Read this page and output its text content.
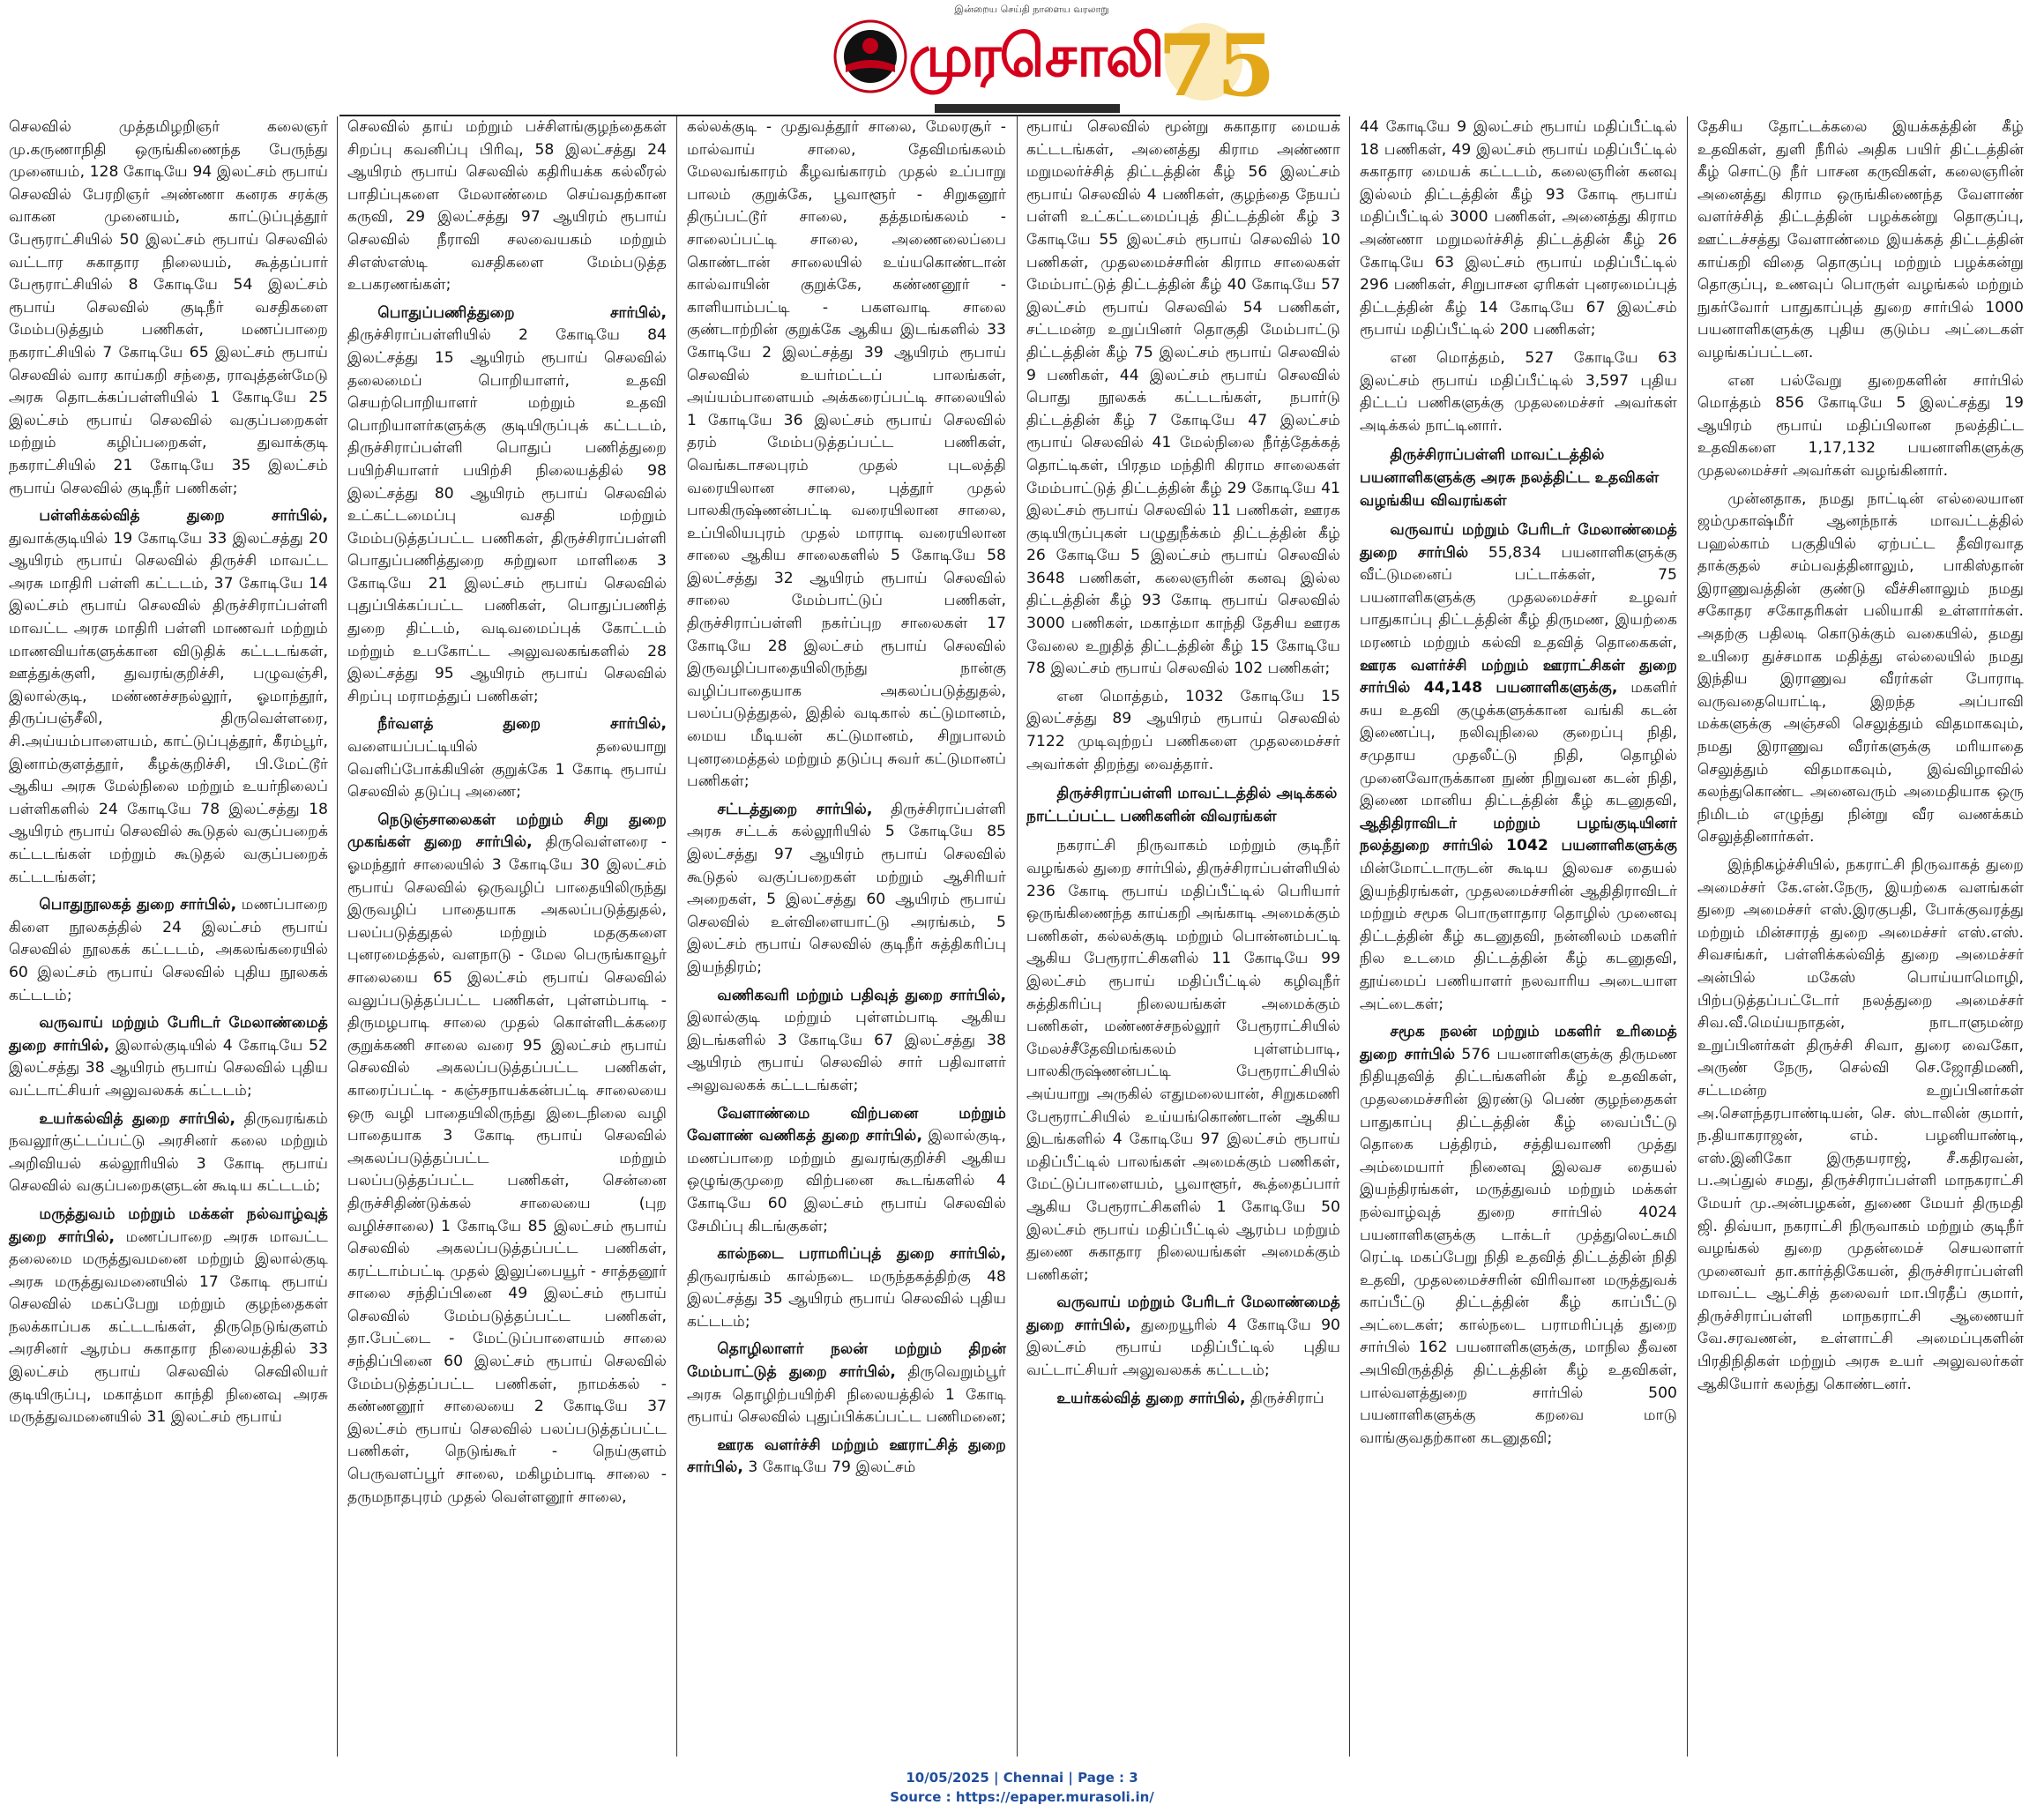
இன்றைய செய்தி நாளைய வரலாறு
முரசொலி
75

செலவில் முத்தமிழறிஞர் கலைஞர் மு.கருணாநிதி ஒருங்கிணைந்த பேருந்து முனையம், 128 கோடியே 94 இலட்சம் ரூபாய் செலவில் பேரறிஞர் அண்ணா கனரக சரக்கு வாகன முனையம், காட்டுப்புத்தூர் பேரூராட்சியில் 50 இலட்சம் ரூபாய் செலவில் வட்டார சுகாதார நிலையம், கூத்தப்பார் பேரூராட்சியில் 8 கோடியே 54 இலட்சம் ரூபாய் செலவில் குடிநீர் வசதிகளை மேம்படுத்தும் பணிகள், மணப்பாறை நகராட்சியில் 7 கோடியே 65 இலட்சம் ரூபாய் செலவில் வார காய்கறி சந்தை, ராவுத்தன்மேடு அரசு தொடக்கப்பள்ளியில் 1 கோடியே 25 இலட்சம் ரூபாய் செலவில் வகுப்பறைகள் மற்றும் கழிப்பறைகள், துவாக்குடி நகராட்சியில் 21 கோடியே 35 இலட்சம் ரூபாய் செலவில் குடிநீர் பணிகள்;

பள்ளிக்கல்வித் துறை சார்பில், துவாக்குடியில் 19 கோடியே 33 இலட்சத்து 20 ஆயிரம் ரூபாய் செலவில் திருச்சி மாவட்ட அரசு மாதிரி பள்ளி கட்டடம், 37 கோடியே 14 இலட்சம் ரூபாய் செலவில் திருச்சிராப்பள்ளி மாவட்ட அரசு மாதிரி பள்ளி மாணவர் மற்றும் மாணவியர்களுக்கான விடுதிக் கட்டடங்கள், ஊத்துக்குளி, துவரங்குறிச்சி, பழுவஞ்சி, இலால்குடி, மண்ணச்சநல்லூர், ஓமாந்தூர், திருப்பஞ்சீலி, திருவெள்ளரை, சி.அய்யம்பாளையம், காட்டுப்புத்தூர், கீரம்பூர், இனாம்குளத்தூர், கீழக்குறிச்சி, பி.மேட்டூர் ஆகிய அரசு மேல்நிலை மற்றும் உயர்நிலைப் பள்ளிகளில் 24 கோடியே 78 இலட்சத்து 18 ஆயிரம் ரூபாய் செலவில் கூடுதல் வகுப்பறைக் கட்டடங்கள் மற்றும் கூடுதல் வகுப்பறைக் கட்டடங்கள்;

பொதுநூலகத் துறை சார்பில், மணப்பாறை கிளை நூலகத்தில் 24 இலட்சம் ரூபாய் செலவில் நூலகக் கட்டடம், அகலங்கரையில் 60 இலட்சம் ரூபாய் செலவில் புதிய நூலகக் கட்டடம்;

வருவாய் மற்றும் பேரிடர் மேலாண்மைத் துறை சார்பில், இலால்குடியில் 4 கோடியே 52 இலட்சத்து 38 ஆயிரம் ரூபாய் செலவில் புதிய வட்டாட்சியர் அலுவலகக் கட்டடம்;

உயர்கல்வித் துறை சார்பில், திருவரங்கம் நவலூர்குட்டப்பட்டு அரசினர் கலை மற்றும் அறிவியல் கல்லூரியில் 3 கோடி ரூபாய் செலவில் வகுப்பறைகளுடன் கூடிய கட்டடம்;

மருத்துவம் மற்றும் மக்கள் நல்வாழ்வுத் துறை சார்பில், மணப்பாறை அரசு மாவட்ட தலைமை மருத்துவமனை மற்றும் இலால்குடி அரசு மருத்துவமனையில் 17 கோடி ரூபாய் செலவில் மகப்பேறு மற்றும் குழந்தைகள் நலக்காப்பக கட்டடங்கள், திருநெடுங்குளம் அரசினர் ஆரம்ப சுகாதார நிலையத்தில் 33 இலட்சம் ரூபாய் செலவில் செவிலியர் குடியிருப்பு, மகாத்மா காந்தி நினைவு அரசு மருத்துவமனையில் 31 இலட்சம் ரூபாய்

செலவில் தாய் மற்றும் பச்சிளங்குழந்தைகள் சிறப்பு கவனிப்பு பிரிவு, 58 இலட்சத்து 24 ஆயிரம் ரூபாய் செலவில் கதிரியக்க கல்லீரல் பாதிப்புகளை மேலாண்மை செய்வதற்கான கருவி, 29 இலட்சத்து 97 ஆயிரம் ரூபாய் செலவில் நீராவி சலவையகம் மற்றும் சிஎஸ்எஸ்டி வசதிகளை மேம்படுத்த உபகரணங்கள்;

பொதுப்பணித்துறை சார்பில், திருச்சிராப்பள்ளியில் 2 கோடியே 84 இலட்சத்து 15 ஆயிரம் ரூபாய் செலவில் தலைமைப் பொறியாளர், உதவி செயற்பொறியாளர் மற்றும் உதவி பொறியாளர்களுக்கு குடியிருப்புக் கட்டடம், திருச்சிராப்பள்ளி பொதுப் பணித்துறை பயிற்சியாளர் பயிற்சி நிலையத்தில் 98 இலட்சத்து 80 ஆயிரம் ரூபாய் செலவில் உட்கட்டமைப்பு வசதி மற்றும் மேம்படுத்தப்பட்ட பணிகள், திருச்சிராப்பள்ளி பொதுப்பணித்துறை சுற்றுலா மாளிகை 3 கோடியே 21 இலட்சம் ரூபாய் செலவில் புதுப்பிக்கப்பட்ட பணிகள், பொதுப்பணித் துறை திட்டம், வடிவமைப்புக் கோட்டம் மற்றும் உபகோட்ட அலுவலகங்களில் 28 இலட்சத்து 95 ஆயிரம் ரூபாய் செலவில் சிறப்பு மராமத்துப் பணிகள்;

நீர்வளத் துறை சார்பில், வளையப்பட்டியில் தலையாறு வெளிப்போக்கியின் குறுக்கே 1 கோடி ரூபாய் செலவில் தடுப்பு அணை;

நெடுஞ்சாலைகள் மற்றும் சிறு துறை முகங்கள் துறை சார்பில், திருவெள்ளரை - ஓமந்தூர் சாலையில் 3 கோடியே 30 இலட்சம் ரூபாய் செலவில் ஒருவழிப் பாதையிலிருந்து இருவழிப் பாதையாக அகலப்படுத்துதல், பலப்படுத்துதல் மற்றும் மதகுகளை புனரமைத்தல், வளநாடு - மேல பெருங்காவூர் சாலையை 65 இலட்சம் ரூபாய் செலவில் வலுப்படுத்தப்பட்ட பணிகள், புள்ளம்பாடி - திருமழபாடி சாலை முதல் கொள்ளிடக்கரை குறுக்கணி சாலை வரை 95 இலட்சம் ரூபாய் செலவில் அகலப்படுத்தப்பட்ட பணிகள், காரைப்பட்டி - கஞ்சநாயக்கன்பட்டி சாலையை ஒரு வழி பாதையிலிருந்து இடைநிலை வழி பாதையாக 3 கோடி ரூபாய் செலவில் அகலப்படுத்தப்பட்ட மற்றும் பலப்படுத்தப்பட்ட பணிகள், சென்னை திருச்சிதிண்டுக்கல் சாலையை (புற வழிச்சாலை) 1 கோடியே 85 இலட்சம் ரூபாய் செலவில் அகலப்படுத்தப்பட்ட பணிகள், கரட்டாம்பட்டி முதல் இலுப்பையூர் - சாத்தனூர் சாலை சந்திப்பினை 49 இலட்சம் ரூபாய் செலவில் மேம்படுத்தப்பட்ட பணிகள், தா.பேட்டை - மேட்டுப்பாளையம் சாலை சந்திப்பினை 60 இலட்சம் ரூபாய் செலவில் மேம்படுத்தப்பட்ட பணிகள், நாமக்கல் - கண்ணனூர் சாலையை 2 கோடியே 37 இலட்சம் ரூபாய் செலவில் பலப்படுத்தப்பட்ட பணிகள், நெடுங்கூர் - நெய்குளம் பெருவளப்பூர் சாலை, மகிழம்பாடி சாலை - தருமநாதபுரம் முதல் வெள்ளனூர் சாலை,

கல்லக்குடி - முதுவத்தூர் சாலை, மேலரசூர் - மால்வாய் சாலை, தேவிமங்கலம் மேலவங்காரம் கீழவங்காரம் முதல் உப்பாறு பாலம் குறுக்கே, பூவாளூர் - சிறுகனூர் திருப்பட்டூர் சாலை, தத்தமங்கலம் - சாலைப்பட்டி சாலை, அணைலைப்பை கொண்டான் சாலையில் உய்யகொண்டான் கால்வாயின் குறுக்கே, கண்ணனூர் - காளியாம்பட்டி - பகளவாடி சாலை குண்டாற்றின் குறுக்கே ஆகிய இடங்களில் 33 கோடியே 2 இலட்சத்து 39 ஆயிரம் ரூபாய் செலவில் உயர்மட்டப் பாலங்கள், அய்யம்பாளையம் அக்கரைப்பட்டி சாலையில் 1 கோடியே 36 இலட்சம் ரூபாய் செலவில் தரம் மேம்படுத்தப்பட்ட பணிகள், வெங்கடாசலபுரம் முதல் புடலத்தி வரையிலான சாலை, புத்தூர் முதல் பாலகிருஷ்ணன்பட்டி வரையிலான சாலை, உப்பிலியபுரம் முதல் மாராடி வரையிலான சாலை ஆகிய சாலைகளில் 5 கோடியே 58 இலட்சத்து 32 ஆயிரம் ரூபாய் செலவில் சாலை மேம்பாட்டுப் பணிகள், திருச்சிராப்பள்ளி நகர்ப்புற சாலைகள் 17 கோடியே 28 இலட்சம் ரூபாய் செலவில் இருவழிப்பாதையிலிருந்து நான்கு வழிப்பாதையாக அகலப்படுத்துதல், பலப்படுத்துதல், இதில் வடிகால் கட்டுமானம், மைய மீடியன் கட்டுமானம், சிறுபாலம் புனரமைத்தல் மற்றும் தடுப்பு சுவர் கட்டுமானப் பணிகள்;

சட்டத்துறை சார்பில், திருச்சிராப்பள்ளி அரசு சட்டக் கல்லூரியில் 5 கோடியே 85 இலட்சத்து 97 ஆயிரம் ரூபாய் செலவில் கூடுதல் வகுப்பறைகள் மற்றும் ஆசிரியர் அறைகள், 5 இலட்சத்து 60 ஆயிரம் ரூபாய் செலவில் உள்விளையாட்டு அரங்கம், 5 இலட்சம் ரூபாய் செலவில் குடிநீர் சுத்திகரிப்பு இயந்திரம்;

வணிகவரி மற்றும் பதிவுத் துறை சார்பில், இலால்குடி மற்றும் புள்ளம்பாடி ஆகிய இடங்களில் 3 கோடியே 67 இலட்சத்து 38 ஆயிரம் ரூபாய் செலவில் சார் பதிவாளர் அலுவலகக் கட்டடங்கள்;

வேளாண்மை விற்பனை மற்றும் வேளாண் வணிகத் துறை சார்பில், இலால்குடி, மணப்பாறை மற்றும் துவரங்குறிச்சி ஆகிய ஒழுங்குமுறை விற்பனை கூடங்களில் 4 கோடியே 60 இலட்சம் ரூபாய் செலவில் சேமிப்பு கிடங்குகள்;

கால்நடை பராமரிப்புத் துறை சார்பில், திருவரங்கம் கால்நடை மருந்தகத்திற்கு 48 இலட்சத்து 35 ஆயிரம் ரூபாய் செலவில் புதிய கட்டடம்;

தொழிலாளர் நலன் மற்றும் திறன் மேம்பாட்டுத் துறை சார்பில், திருவெறும்பூர் அரசு தொழிற்பயிற்சி நிலையத்தில் 1 கோடி ரூபாய் செலவில் புதுப்பிக்கப்பட்ட பணிமனை;

ஊரக வளர்ச்சி மற்றும் ஊராட்சித் துறை சார்பில், 3 கோடியே 79 இலட்சம்

ரூபாய் செலவில் மூன்று சுகாதார மையக் கட்டடங்கள், அனைத்து கிராம அண்ணா மறுமலர்ச்சித் திட்டத்தின் கீழ் 56 இலட்சம் ரூபாய் செலவில் 4 பணிகள், குழந்தை நேயப் பள்ளி உட்கட்டமைப்புத் திட்டத்தின் கீழ் 3 கோடியே 55 இலட்சம் ரூபாய் செலவில் 10 பணிகள், முதலமைச்சரின் கிராம சாலைகள் மேம்பாட்டுத் திட்டத்தின் கீழ் 40 கோடியே 57 இலட்சம் ரூபாய் செலவில் 54 பணிகள், சட்டமன்ற உறுப்பினர் தொகுதி மேம்பாட்டு திட்டத்தின் கீழ் 75 இலட்சம் ரூபாய் செலவில் 9 பணிகள், 44 இலட்சம் ரூபாய் செலவில் பொது நூலகக் கட்டடங்கள், நபார்டு திட்டத்தின் கீழ் 7 கோடியே 47 இலட்சம் ரூபாய் செலவில் 41 மேல்நிலை நீர்த்தேக்கத் தொட்டிகள், பிரதம மந்திரி கிராம சாலைகள் மேம்பாட்டுத் திட்டத்தின் கீழ் 29 கோடியே 41 இலட்சம் ரூபாய் செலவில் 11 பணிகள், ஊரக குடியிருப்புகள் பழுதுநீக்கம் திட்டத்தின் கீழ் 26 கோடியே 5 இலட்சம் ரூபாய் செலவில் 3648 பணிகள், கலைஞரின் கனவு இல்ல திட்டத்தின் கீழ் 93 கோடி ரூபாய் செலவில் 3000 பணிகள், மகாத்மா காந்தி தேசிய ஊரக வேலை உறுதித் திட்டத்தின் கீழ் 15 கோடியே 78 இலட்சம் ரூபாய் செலவில் 102 பணிகள்;

என மொத்தம், 1032 கோடியே 15 இலட்சத்து 89 ஆயிரம் ரூபாய் செலவில் 7122 முடிவுற்றப் பணிகளை முதலமைச்சர் அவர்கள் திறந்து வைத்தார்.

திருச்சிராப்பள்ளி மாவட்டத்தில் அடிக்கல் நாட்டப்பட்ட பணிகளின் விவரங்கள்

நகராட்சி நிருவாகம் மற்றும் குடிநீர் வழங்கல் துறை சார்பில், திருச்சிராப்பள்ளியில் 236 கோடி ரூபாய் மதிப்பீட்டில் பெரியார் ஒருங்கிணைந்த காய்கறி அங்காடி அமைக்கும் பணிகள், கல்லக்குடி மற்றும் பொன்னம்பட்டி ஆகிய பேரூராட்சிகளில் 11 கோடியே 99 இலட்சம் ரூபாய் மதிப்பீட்டில் கழிவுநீர் சுத்திகரிப்பு நிலையங்கள் அமைக்கும் பணிகள், மண்ணச்சநல்லூர் பேரூராட்சியில் மேலச்சீதேவிமங்கலம் புள்ளம்பாடி, பாலகிருஷ்ணன்பட்டி பேரூராட்சியில் அய்யாறு அருகில் எதுமலையான், சிறுகமணி பேரூராட்சியில் உய்யங்கொண்டான் ஆகிய இடங்களில் 4 கோடியே 97 இலட்சம் ரூபாய் மதிப்பீட்டில் பாலங்கள் அமைக்கும் பணிகள், மேட்டுப்பாளையம், பூவாளூர், கூத்தைப்பார் ஆகிய பேரூராட்சிகளில் 1 கோடியே 50 இலட்சம் ரூபாய் மதிப்பீட்டில் ஆரம்ப மற்றும் துணை சுகாதார நிலையங்கள் அமைக்கும் பணிகள்;

வருவாய் மற்றும் பேரிடர் மேலாண்மைத் துறை சார்பில், துறையூரில் 4 கோடியே 90 இலட்சம் ரூபாய் மதிப்பீட்டில் புதிய வட்டாட்சியர் அலுவலகக் கட்டடம்;

உயர்கல்வித் துறை சார்பில், திருச்சிராப்

44 கோடியே 9 இலட்சம் ரூபாய் மதிப்பீட்டில் 18 பணிகள், 49 இலட்சம் ரூபாய் மதிப்பீட்டில் சுகாதார மையக் கட்டடம், கலைஞரின் கனவு இல்லம் திட்டத்தின் கீழ் 93 கோடி ரூபாய் மதிப்பீட்டில் 3000 பணிகள், அனைத்து கிராம அண்ணா மறுமலர்ச்சித் திட்டத்தின் கீழ் 26 கோடியே 63 இலட்சம் ரூபாய் மதிப்பீட்டில் 296 பணிகள், சிறுபாசன ஏரிகள் புனரமைப்புத் திட்டத்தின் கீழ் 14 கோடியே 67 இலட்சம் ரூபாய் மதிப்பீட்டில் 200 பணிகள்;

என மொத்தம், 527 கோடியே 63 இலட்சம் ரூபாய் மதிப்பீட்டில் 3,597 புதிய திட்டப் பணிகளுக்கு முதலமைச்சர் அவர்கள் அடிக்கல் நாட்டினார்.

திருச்சிராப்பள்ளி மாவட்டத்தில் பயனாளிகளுக்கு அரசு நலத்திட்ட உதவிகள் வழங்கிய விவரங்கள்

வருவாய் மற்றும் பேரிடர் மேலாண்மைத் துறை சார்பில் 55,834 பயனாளிகளுக்கு வீட்டுமனைப் பட்டாக்கள், 75 பயனாளிகளுக்கு முதலமைச்சர் உழவர் பாதுகாப்பு திட்டத்தின் கீழ் திருமண, இயற்கை மரணம் மற்றும் கல்வி உதவித் தொகைகள், ஊரக வளர்ச்சி மற்றும் ஊராட்சிகள் துறை சார்பில் 44,148 பயனாளிகளுக்கு, மகளிர் சுய உதவி குழுக்களுக்கான வங்கி கடன் இணைப்பு, நலிவுநிலை குறைப்பு நிதி, சமுதாய முதலீட்டு நிதி, தொழில் முனைவோருக்கான நுண் நிறுவன கடன் நிதி, இணை மானிய திட்டத்தின் கீழ் கடனுதவி, ஆதிதிராவிடர் மற்றும் பழங்குடியினர் நலத்துறை சார்பில் 1042 பயனாளிகளுக்கு மின்மோட்டாருடன் கூடிய இலவச தையல் இயந்திரங்கள், முதலமைச்சரின் ஆதிதிராவிடர் மற்றும் சமூக பொருளாதார தொழில் முனைவு திட்டத்தின் கீழ் கடனுதவி, நன்னிலம் மகளிர் நில உடமை திட்டத்தின் கீழ் கடனுதவி, தூய்மைப் பணியாளர் நலவாரிய அடையாள அட்டைகள்;

சமூக நலன் மற்றும் மகளிர் உரிமைத் துறை சார்பில் 576 பயனாளிகளுக்கு திருமண நிதியுதவித் திட்டங்களின் கீழ் உதவிகள், முதலமைச்சரின் இரண்டு பெண் குழந்தைகள் பாதுகாப்பு திட்டத்தின் கீழ் வைப்பீட்டு தொகை பத்திரம், சத்தியவாணி முத்து அம்மையார் நினைவு இலவச தையல் இயந்திரங்கள், மருத்துவம் மற்றும் மக்கள் நல்வாழ்வுத் துறை சார்பில் 4024 பயனாளிகளுக்கு டாக்டர் முத்துலெட்சுமி ரெட்டி மகப்பேறு நிதி உதவித் திட்டத்தின் நிதி உதவி, முதலமைச்சரின் விரிவான மருத்துவக் காப்பீட்டு திட்டத்தின் கீழ் காப்பீட்டு அட்டைகள்; கால்நடை பராமரிப்புத் துறை சார்பில் 162 பயனாளிகளுக்கு, மாநில தீவன அபிவிருத்தித் திட்டத்தின் கீழ் உதவிகள், பால்வளத்துறை சார்பில் 500 பயனாளிகளுக்கு கறவை மாடு வாங்குவதற்கான கடனுதவி;

தேசிய தோட்டக்கலை இயக்கத்தின் கீழ் உதவிகள், துளி நீரில் அதிக பயிர் திட்டத்தின் கீழ் சொட்டு நீர் பாசன கருவிகள், கலைஞரின் அனைத்து கிராம ஒருங்கிணைந்த வேளாண் வளர்ச்சித் திட்டத்தின் பழக்கன்று தொகுப்பு, ஊட்டச்சத்து வேளாண்மை இயக்கத் திட்டத்தின் காய்கறி விதை தொகுப்பு மற்றும் பழக்கன்று தொகுப்பு, உணவுப் பொருள் வழங்கல் மற்றும் நுகர்வோர் பாதுகாப்புத் துறை சார்பில் 1000 பயனாளிகளுக்கு புதிய குடும்ப அட்டைகள் வழங்கப்பட்டன.

என பல்வேறு துறைகளின் சார்பில் மொத்தம் 856 கோடியே 5 இலட்சத்து 19 ஆயிரம் ரூபாய் மதிப்பிலான நலத்திட்ட உதவிகளை 1,17,132 பயனாளிகளுக்கு முதலமைச்சர் அவர்கள் வழங்கினார்.

முன்னதாக, நமது நாட்டின் எல்லையான ஜம்முகாஷ்மீர் ஆனந்நாக் மாவட்டத்தில் பஹல்காம் பகுதியில் ஏற்பட்ட தீவிரவாத தாக்குதல் சம்பவத்தினாலும், பாகிஸ்தான் இராணுவத்தின் குண்டு வீச்சினாலும் நமது சகோதர சகோதரிகள் பலியாகி உள்ளார்கள். அதற்கு பதிலடி கொடுக்கும் வகையில், தமது உயிரை துச்சமாக மதித்து எல்லையில் நமது இந்திய இராணுவ வீரர்கள் போராடி வருவதையொட்டி, இறந்த அப்பாவி மக்களுக்கு அஞ்சலி செலுத்தும் விதமாகவும், நமது இராணுவ வீரர்களுக்கு மரியாதை செலுத்தும் விதமாகவும், இவ்விழாவில் கலந்துகொண்ட அனைவரும் அமைதியாக ஒரு நிமிடம் எழுந்து நின்று வீர வணக்கம் செலுத்தினார்கள்.

இந்நிகழ்ச்சியில், நகராட்சி நிருவாகத் துறை அமைச்சர் கே.என்.நேரு, இயற்கை வளங்கள் துறை அமைச்சர் எஸ்.இரகுபதி, போக்குவரத்து மற்றும் மின்சாரத் துறை அமைச்சர் எஸ்.எஸ். சிவசங்கர், பள்ளிக்கல்வித் துறை அமைச்சர் அன்பில் மகேஸ் பொய்யாமொழி, பிற்படுத்தப்பட்டோர் நலத்துறை அமைச்சர் சிவ.வீ.மெய்யநாதன், நாடாளுமன்ற உறுப்பினர்கள் திருச்சி சிவா, துரை வைகோ, அருண் நேரு, செல்வி செ.ஜோதிமணி, சட்டமன்ற உறுப்பினர்கள் அ.சௌந்தரபாண்டியன், செ. ஸ்டாலின் குமார், ந.தியாகராஜன், எம். பழனியாண்டி, எஸ்.இனிகோ இருதயராஜ், சீ.கதிரவன், ப.அப்துல் சமது, திருச்சிராப்பள்ளி மாநகராட்சி மேயர் மு.அன்பழகன், துணை மேயர் திருமதி ஜி. திவ்யா, நகராட்சி நிருவாகம் மற்றும் குடிநீர் வழங்கல் துறை முதன்மைச் செயலாளர் முனைவர் தா.கார்த்திகேயன், திருச்சிராப்பள்ளி மாவட்ட ஆட்சித் தலைவர் மா.பிரதீப் குமார், திருச்சிராப்பள்ளி மாநகராட்சி ஆணையர் வே.சரவணன், உள்ளாட்சி அமைப்புகளின் பிரதிநிதிகள் மற்றும் அரசு உயர் அலுவலர்கள் ஆகியோர் கலந்து கொண்டனர்.

10/05/2025 | Chennai | Page : 3
Source : https://epaper.murasoli.in/
